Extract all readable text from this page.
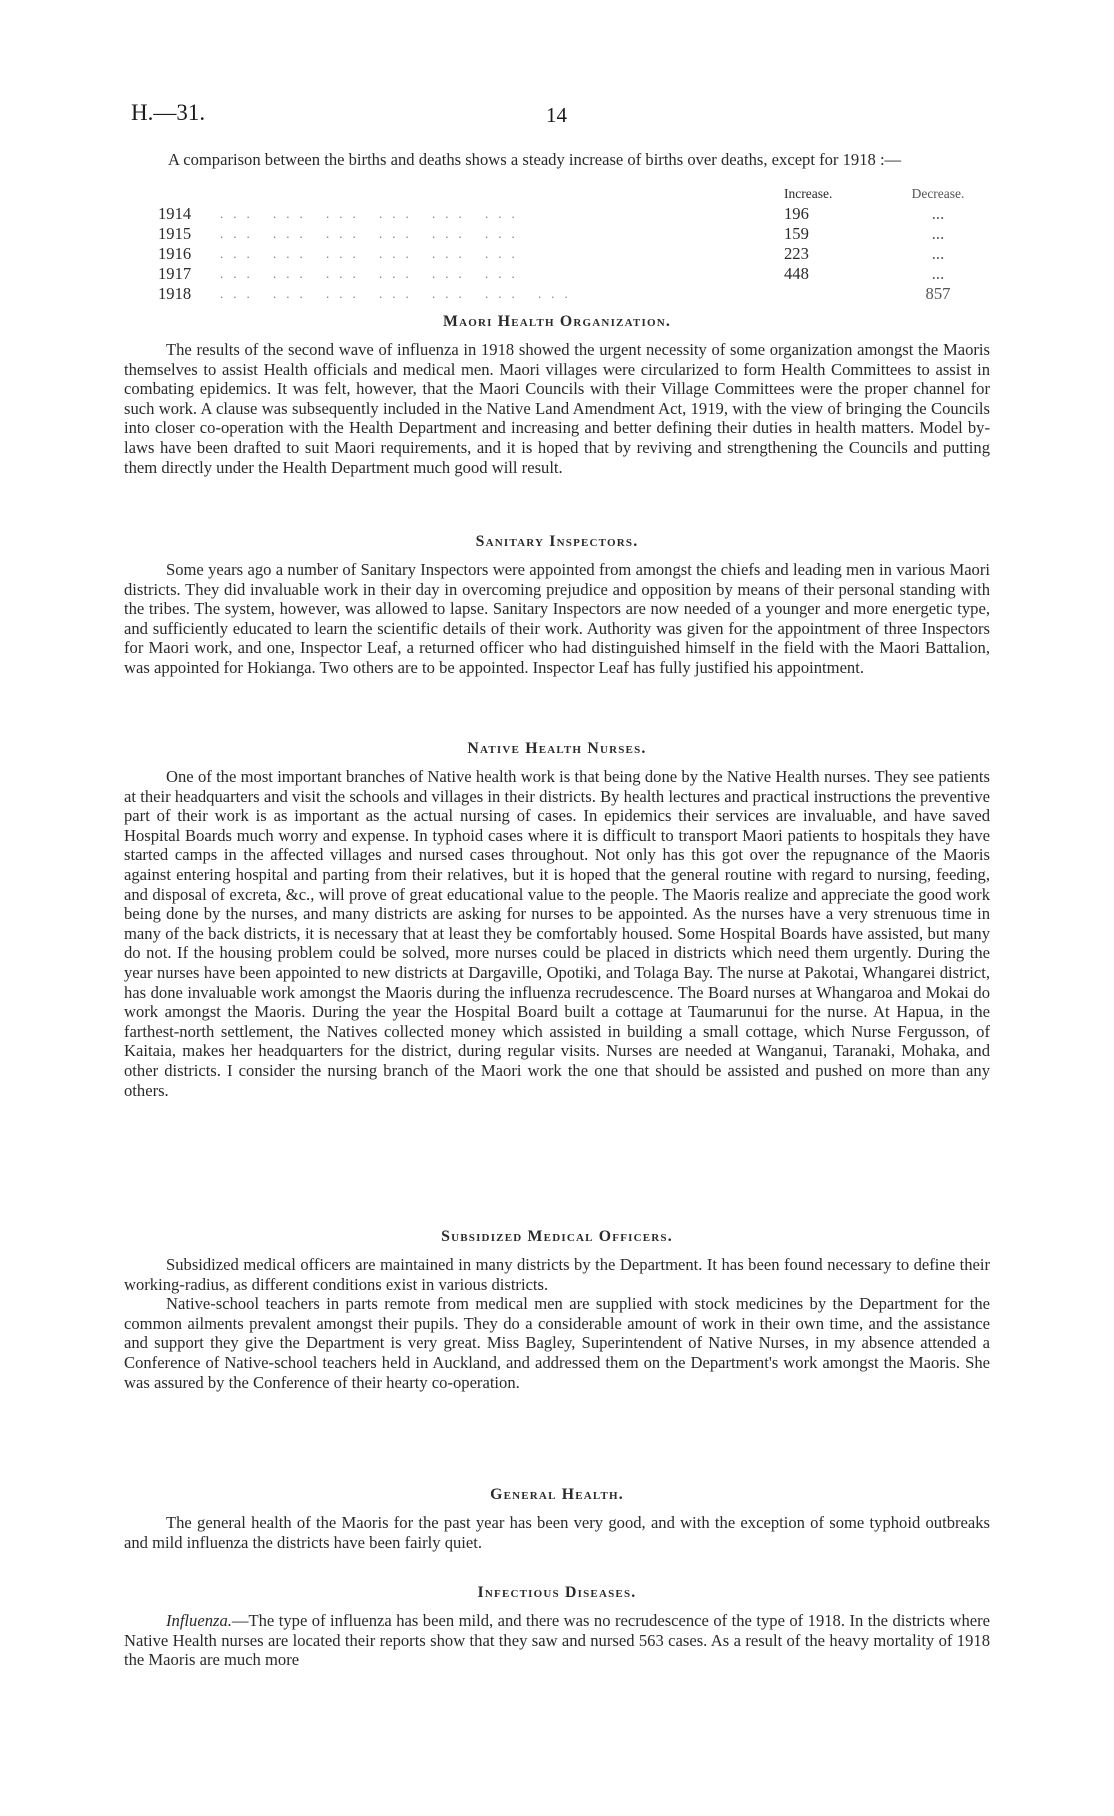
H.—31.	14

A comparison between the births and deaths shows a steady increase of births over deaths, except for 1918 :—

		Increase.	Decrease.
1914	... ... ... ... ... ...	196	...
1915	... ... ... ... ... ...	159	...
1916	... ... ... ... ... ...	223	...
1917	... ... ... ... ... ...	448	...
1918	... ... ... ... ... ... ...		857
Maori Health Organization.

The results of the second wave of influenza in 1918 showed the urgent necessity of some organization amongst the Maoris themselves to assist Health officials and medical men. Maori villages were circularized to form Health Committees to assist in combating epidemics. It was felt, however, that the Maori Councils with their Village Committees were the proper channel for such work. A clause was subsequently included in the Native Land Amendment Act, 1919, with the view of bringing the Councils into closer co-operation with the Health Department and increasing and better defining their duties in health matters. Model by-laws have been drafted to suit Maori requirements, and it is hoped that by reviving and strengthening the Councils and putting them directly under the Health Department much good will result.

Sanitary Inspectors.

Some years ago a number of Sanitary Inspectors were appointed from amongst the chiefs and leading men in various Maori districts. They did invaluable work in their day in overcoming prejudice and opposition by means of their personal standing with the tribes. The system, however, was allowed to lapse. Sanitary Inspectors are now needed of a younger and more energetic type, and sufficiently educated to learn the scientific details of their work. Authority was given for the appointment of three Inspectors for Maori work, and one, Inspector Leaf, a returned officer who had distinguished himself in the field with the Maori Battalion, was appointed for Hokianga. Two others are to be appointed. Inspector Leaf has fully justified his appointment.

Native Health Nurses.

One of the most important branches of Native health work is that being done by the Native Health nurses. They see patients at their headquarters and visit the schools and villages in their districts. By health lectures and practical instructions the preventive part of their work is as important as the actual nursing of cases. In epidemics their services are invaluable, and have saved Hospital Boards much worry and expense. In typhoid cases where it is difficult to transport Maori patients to hospitals they have started camps in the affected villages and nursed cases throughout. Not only has this got over the repugnance of the Maoris against entering hospital and parting from their relatives, but it is hoped that the general routine with regard to nursing, feeding, and disposal of excreta, &c., will prove of great educational value to the people. The Maoris realize and appreciate the good work being done by the nurses, and many districts are asking for nurses to be appointed. As the nurses have a very strenuous time in many of the back districts, it is necessary that at least they be comfortably housed. Some Hospital Boards have assisted, but many do not. If the housing problem could be solved, more nurses could be placed in districts which need them urgently. During the year nurses have been appointed to new districts at Dargaville, Opotiki, and Tolaga Bay. The nurse at Pakotai, Whangarei district, has done invaluable work amongst the Maoris during the influenza recrudescence. The Board nurses at Whangaroa and Mokai do work amongst the Maoris. During the year the Hospital Board built a cottage at Taumarunui for the nurse. At Hapua, in the farthest-north settlement, the Natives collected money which assisted in building a small cottage, which Nurse Fergusson, of Kaitaia, makes her headquarters for the district, during regular visits. Nurses are needed at Wanganui, Taranaki, Mohaka, and other districts. I consider the nursing branch of the Maori work the one that should be assisted and pushed on more than any others.

Subsidized Medical Officers.

Subsidized medical officers are maintained in many districts by the Department. It has been found necessary to define their working-radius, as different conditions exist in various districts.

Native-school teachers in parts remote from medical men are supplied with stock medicines by the Department for the common ailments prevalent amongst their pupils. They do a considerable amount of work in their own time, and the assistance and support they give the Department is very great. Miss Bagley, Superintendent of Native Nurses, in my absence attended a Conference of Native-school teachers held in Auckland, and addressed them on the Department's work amongst the Maoris. She was assured by the Conference of their hearty co-operation.

General Health.

The general health of the Maoris for the past year has been very good, and with the exception of some typhoid outbreaks and mild influenza the districts have been fairly quiet.

Infectious Diseases.

Influenza.—The type of influenza has been mild, and there was no recrudescence of the type of 1918. In the districts where Native Health nurses are located their reports show that they saw and nursed 563 cases. As a result of the heavy mortality of 1918 the Maoris are much more
